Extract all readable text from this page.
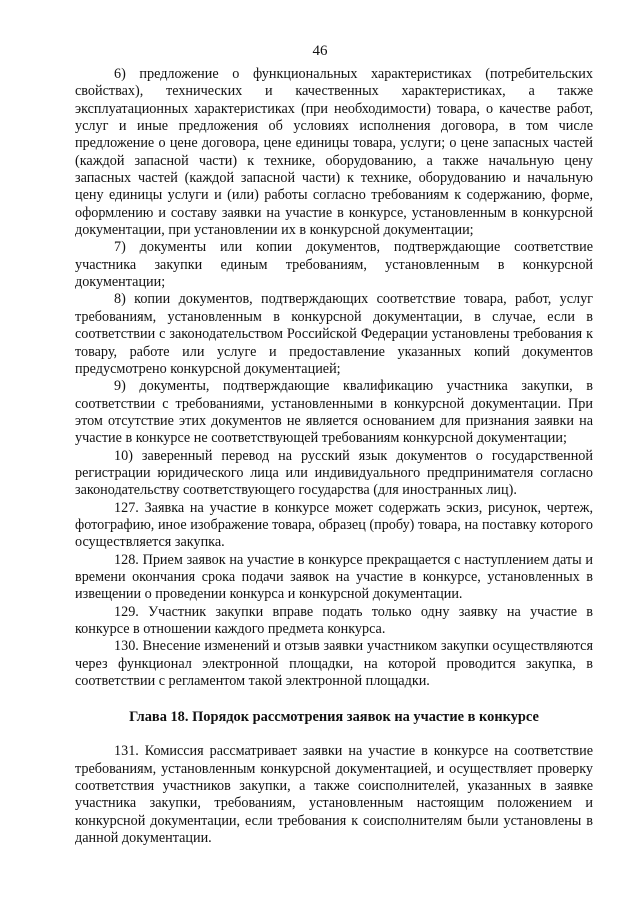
46

6) предложение о функциональных характеристиках (потребительских свойствах), технических и качественных характеристиках, а также эксплуатационных характеристиках (при необходимости) товара, о качестве работ, услуг и иные предложения об условиях исполнения договора, в том числе предложение о цене договора, цене единицы товара, услуги; о цене запасных частей (каждой запасной части) к технике, оборудованию, а также начальную цену запасных частей (каждой запасной части) к технике, оборудованию и начальную цену единицы услуги и (или) работы согласно требованиям к содержанию, форме, оформлению и составу заявки на участие в конкурсе, установленным в конкурсной документации, при установлении их в конкурсной документации;

7) документы или копии документов, подтверждающие соответствие участника закупки единым требованиям, установленным в конкурсной документации;

8) копии документов, подтверждающих соответствие товара, работ, услуг требованиям, установленным в конкурсной документации, в случае, если в соответствии с законодательством Российской Федерации установлены требования к товару, работе или услуге и предоставление указанных копий документов предусмотрено конкурсной документацией;

9) документы, подтверждающие квалификацию участника закупки, в соответствии с требованиями, установленными в конкурсной документации. При этом отсутствие этих документов не является основанием для признания заявки на участие в конкурсе не соответствующей требованиям конкурсной документации;

10) заверенный перевод на русский язык документов о государственной регистрации юридического лица или индивидуального предпринимателя согласно законодательству соответствующего государства (для иностранных лиц).

127. Заявка на участие в конкурсе может содержать эскиз, рисунок, чертеж, фотографию, иное изображение товара, образец (пробу) товара, на поставку которого осуществляется закупка.

128. Прием заявок на участие в конкурсе прекращается с наступлением даты и времени окончания срока подачи заявок на участие в конкурсе, установленных в извещении о проведении конкурса и конкурсной документации.

129. Участник закупки вправе подать только одну заявку на участие в конкурсе в отношении каждого предмета конкурса.

130. Внесение изменений и отзыв заявки участником закупки осуществляются через функционал электронной площадки, на которой проводится закупка, в соответствии с регламентом такой электронной площадки.

Глава 18. Порядок рассмотрения заявок на участие в конкурсе

131. Комиссия рассматривает заявки на участие в конкурсе на соответствие требованиям, установленным конкурсной документацией, и осуществляет проверку соответствия участников закупки, а также соисполнителей, указанных в заявке участника закупки, требованиям, установленным настоящим положением и конкурсной документации, если требования к соисполнителям были установлены в данной документации.
